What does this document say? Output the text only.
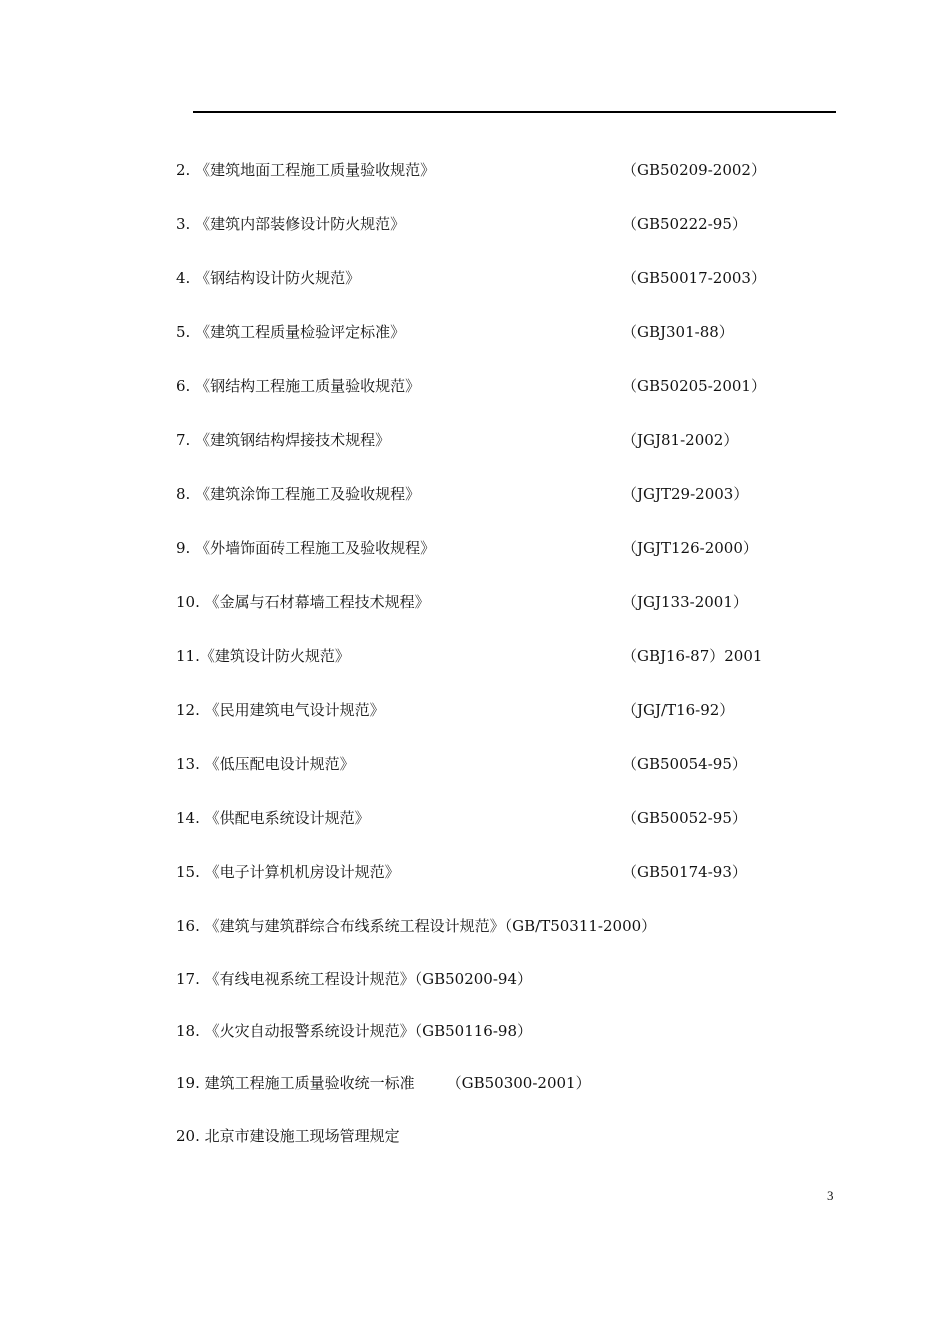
2. 《建筑地面工程施工质量验收规范》	（GB50209-2002）
3. 《建筑内部装修设计防火规范》	（GB50222-95）
4. 《钢结构设计防火规范》	（GB50017-2003）
5. 《建筑工程质量检验评定标准》	（GBJ301-88）
6. 《钢结构工程施工质量验收规范》	（GB50205-2001）
7. 《建筑钢结构焊接技术规程》	（JGJ81-2002）
8. 《建筑涂饰工程施工及验收规程》	（JGJT29-2003）
9. 《外墙饰面砖工程施工及验收规程》	（JGJT126-2000）
10. 《金属与石材幕墙工程技术规程》	（JGJ133-2001）
11.《建筑设计防火规范》	（GBJ16-87）2001
12. 《民用建筑电气设计规范》	（JGJ/T16-92）
13. 《低压配电设计规范》	（GB50054-95）
14. 《供配电系统设计规范》	（GB50052-95）
15. 《电子计算机机房设计规范》	（GB50174-93）
16. 《建筑与建筑群综合布线系统工程设计规范》（GB/T50311-2000）
17. 《有线电视系统工程设计规范》（GB50200-94）
18. 《火灾自动报警系统设计规范》（GB50116-98）
19. 建筑工程施工质量验收统一标准 （GB50300-2001）
20. 北京市建设施工现场管理规定
3
